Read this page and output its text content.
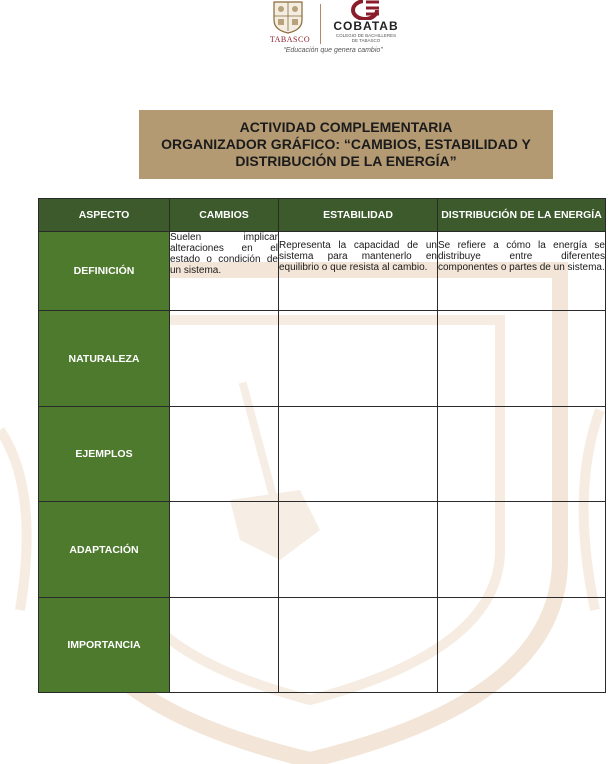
TABASCO
COBATAB
COLEGIO DE BACHILLERES
DE TABASCO
“Educación que genera cambio”
ACTIVIDAD COMPLEMENTARIA
ORGANIZADOR GRÁFICO: “CAMBIOS, ESTABILIDAD Y
DISTRIBUCIÓN DE LA ENERGÍA”
ASPECTO	CAMBIOS	ESTABILIDAD	DISTRIBUCIÓN DE LA ENERGÍA
DEFINICIÓN	Suelen implicar alteraciones en el estado o condición de un sistema.	Representa la capacidad de un sistema para mantenerlo en equilibrio o que resista al cambio.	Se refiere a cómo la energía se distribuye entre diferentes componentes o partes de un sistema.

NATURALEZA			
EJEMPLOS			
ADAPTACIÓN			
IMPORTANCIA			
